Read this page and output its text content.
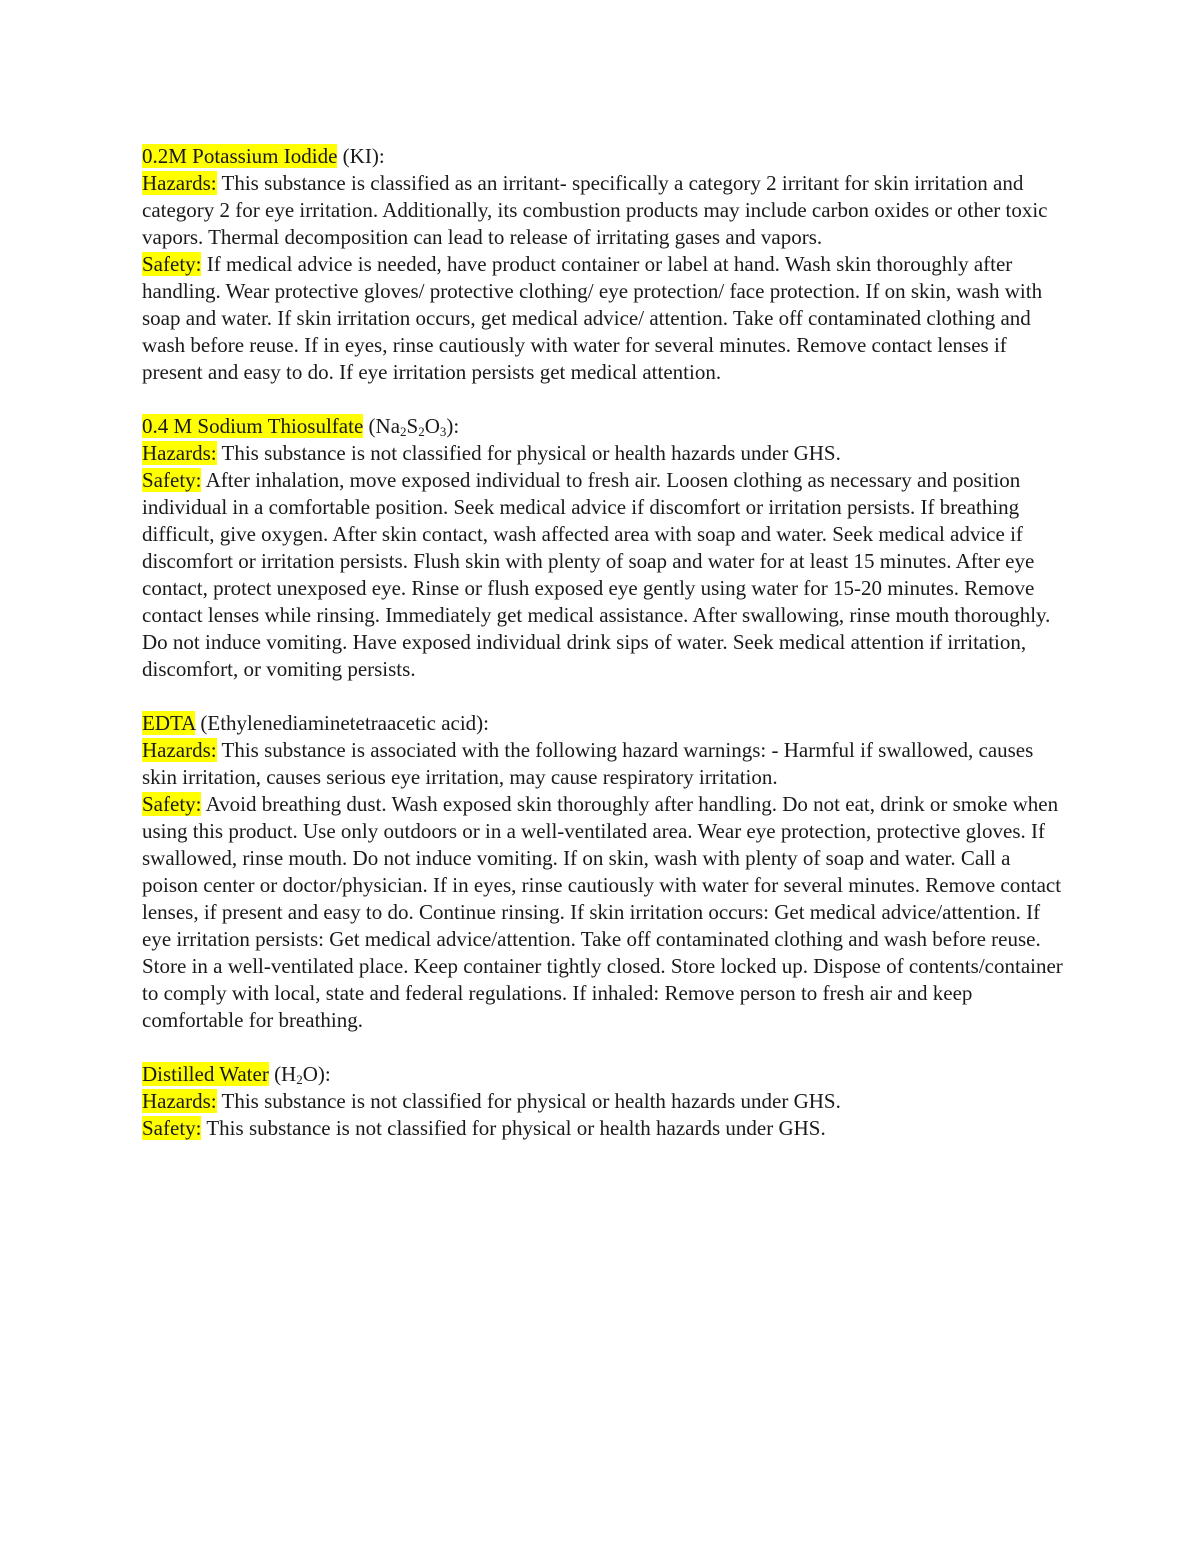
0.2M Potassium Iodide (KI):

Hazards: This substance is classified as an irritant- specifically a category 2 irritant for skin irritation and category 2 for eye irritation. Additionally, its combustion products may include carbon oxides or other toxic vapors. Thermal decomposition can lead to release of irritating gases and vapors.

Safety: If medical advice is needed, have product container or label at hand. Wash skin thoroughly after handling. Wear protective gloves/ protective clothing/ eye protection/ face protection. If on skin, wash with soap and water. If skin irritation occurs, get medical advice/ attention. Take off contaminated clothing and wash before reuse. If in eyes, rinse cautiously with water for several minutes. Remove contact lenses if present and easy to do. If eye irritation persists get medical attention.

0.4 M Sodium Thiosulfate $(Na_2S_2O_3)$:

Hazards: This substance is not classified for physical or health hazards under GHS.

Safety: After inhalation, move exposed individual to fresh air. Loosen clothing as necessary and position individual in a comfortable position. Seek medical advice if discomfort or irritation persists. If breathing difficult, give oxygen. After skin contact, wash affected area with soap and water. Seek medical advice if discomfort or irritation persists. Flush skin with plenty of soap and water for at least 15 minutes. After eye contact, protect unexposed eye. Rinse or flush exposed eye gently using water for 15-20 minutes. Remove contact lenses while rinsing. Immediately get medical assistance. After swallowing, rinse mouth thoroughly. Do not induce vomiting. Have exposed individual drink sips of water. Seek medical attention if irritation, discomfort, or vomiting persists.

EDTA (Ethylenediaminetetraacetic acid):

Hazards: This substance is associated with the following hazard warnings: - Harmful if swallowed, causes skin irritation, causes serious eye irritation, may cause respiratory irritation.

Safety: Avoid breathing dust. Wash exposed skin thoroughly after handling. Do not eat, drink or smoke when using this product. Use only outdoors or in a well-ventilated area. Wear eye protection, protective gloves. If swallowed, rinse mouth. Do not induce vomiting. If on skin, wash with plenty of soap and water. Call a poison center or doctor/physician. If in eyes, rinse cautiously with water for several minutes. Remove contact lenses, if present and easy to do. Continue rinsing. If skin irritation occurs: Get medical advice/attention. If eye irritation persists: Get medical advice/attention. Take off contaminated clothing and wash before reuse. Store in a well-ventilated place. Keep container tightly closed. Store locked up. Dispose of contents/container to comply with local, state and federal regulations. If inhaled: Remove person to fresh air and keep comfortable for breathing.

Distilled Water $(H_2O)$:

Hazards: This substance is not classified for physical or health hazards under GHS.

Safety: This substance is not classified for physical or health hazards under GHS.
